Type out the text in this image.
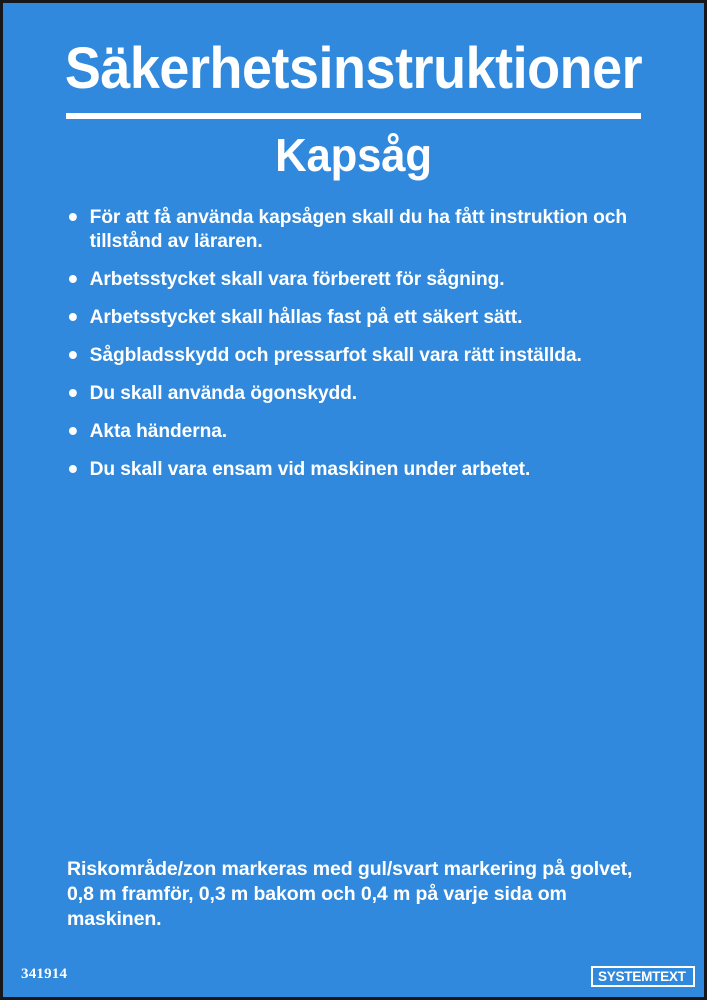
Säkerhetsinstruktioner
Kapsåg
För att få använda kapsågen skall du ha fått instruktion och tillstånd av läraren.
Arbetsstycket skall vara förberett för sågning.
Arbetsstycket skall hållas fast på ett säkert sätt.
Sågbladsskydd och pressarfot skall vara rätt inställda.
Du skall använda ögonskydd.
Akta händerna.
Du skall vara ensam vid maskinen under arbetet.
Riskområde/zon markeras med gul/svart markering på golvet, 0,8 m framför, 0,3 m bakom och 0,4 m på varje sida om maskinen.
341914	SYSTEMTEXT
